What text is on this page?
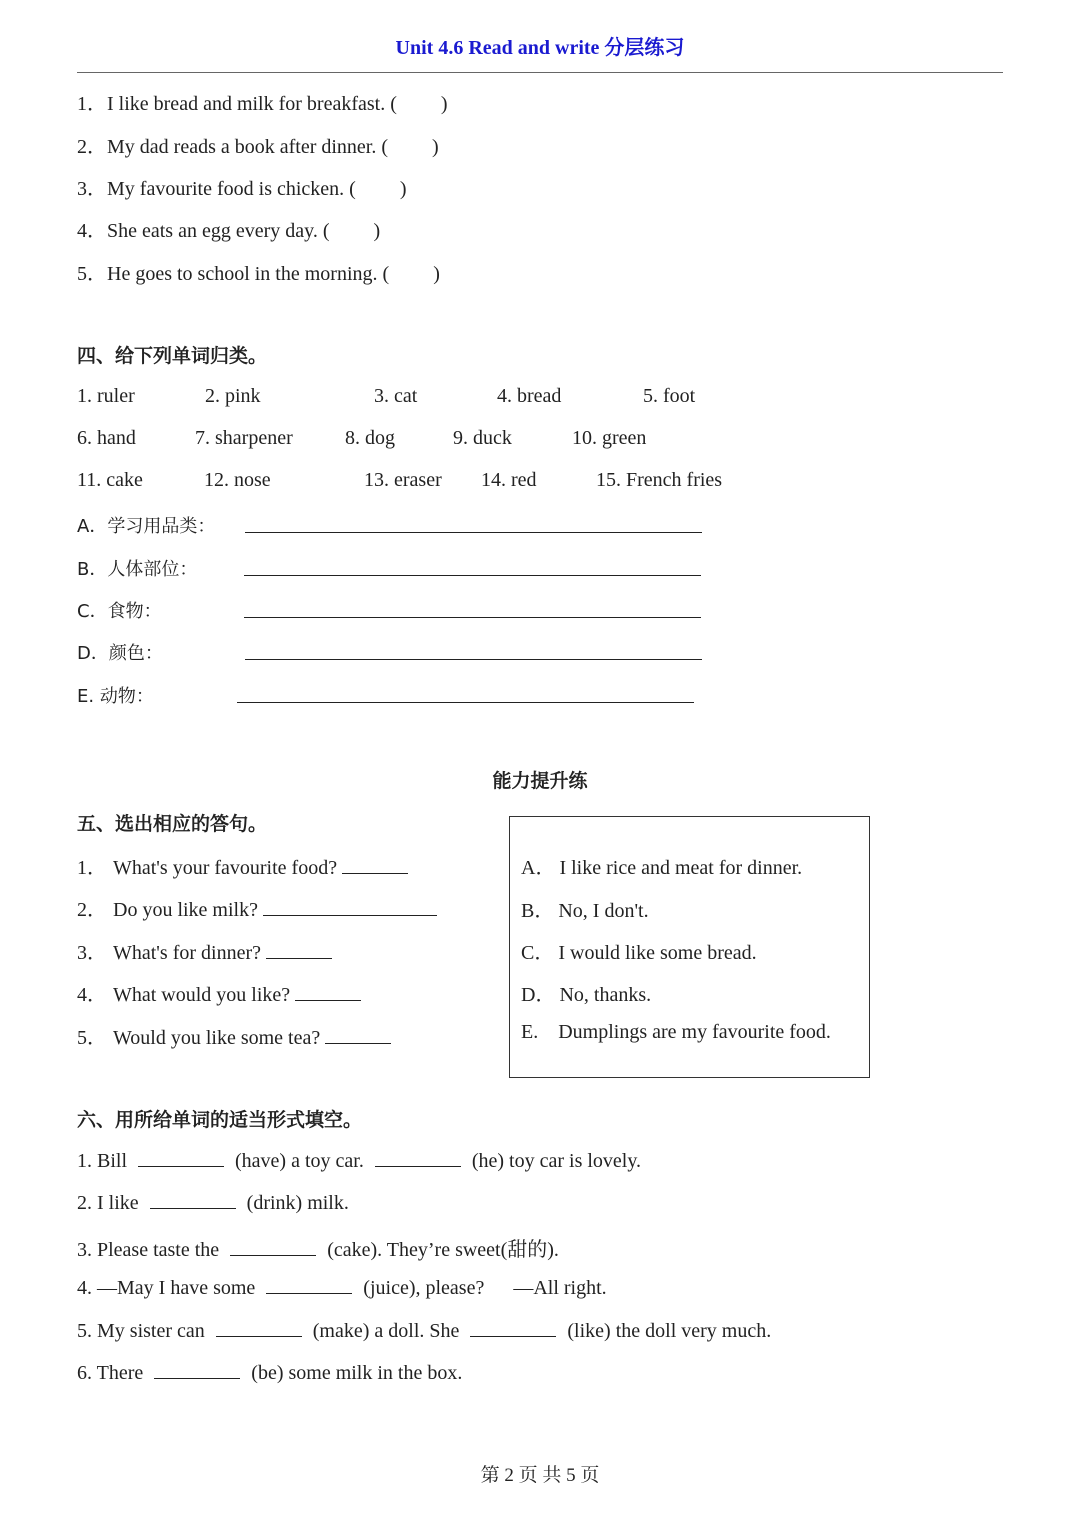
Unit 4.6 Read and write 分层练习
1．I like bread and milk for breakfast. ( )
2．My dad reads a book after dinner. ( )
3．My favourite food is chicken. ( )
4．She eats an egg every day. ( )
5．He goes to school in the morning. ( )
四、给下列单词归类。
1. ruler	2. pink	3. cat	4. bread	5. foot
6. hand	7. sharpener	8. dog	9. duck	10. green
11. cake	12. nose	13. eraser 14. red	15. French fries
A．学习用品类：
B．人体部位：
C．食物：
D．颜色：
E. 动物：
能力提升练
五、选出相应的答句。
1． What's your favourite food?
2． Do you like milk?
3． What's for dinner?
4． What would you like?
5． Would you like some tea?
A． I like rice and meat for dinner.
B． No, I don't.
C． I would like some bread.
D． No, thanks.
E. Dumplings are my favourite food.
六、用所给单词的适当形式填空。
1. Bill	(have) a toy car.	(he) toy car is lovely.
2. I like	(drink) milk.
3. Please taste the	(cake). They’re sweet(甜的).
4. —May I have some	(juice), please? —All right.
5. My sister can	(make) a doll. She	(like) the doll very much.
6. There	(be) some milk in the box.
第 2 页 共 5 页
